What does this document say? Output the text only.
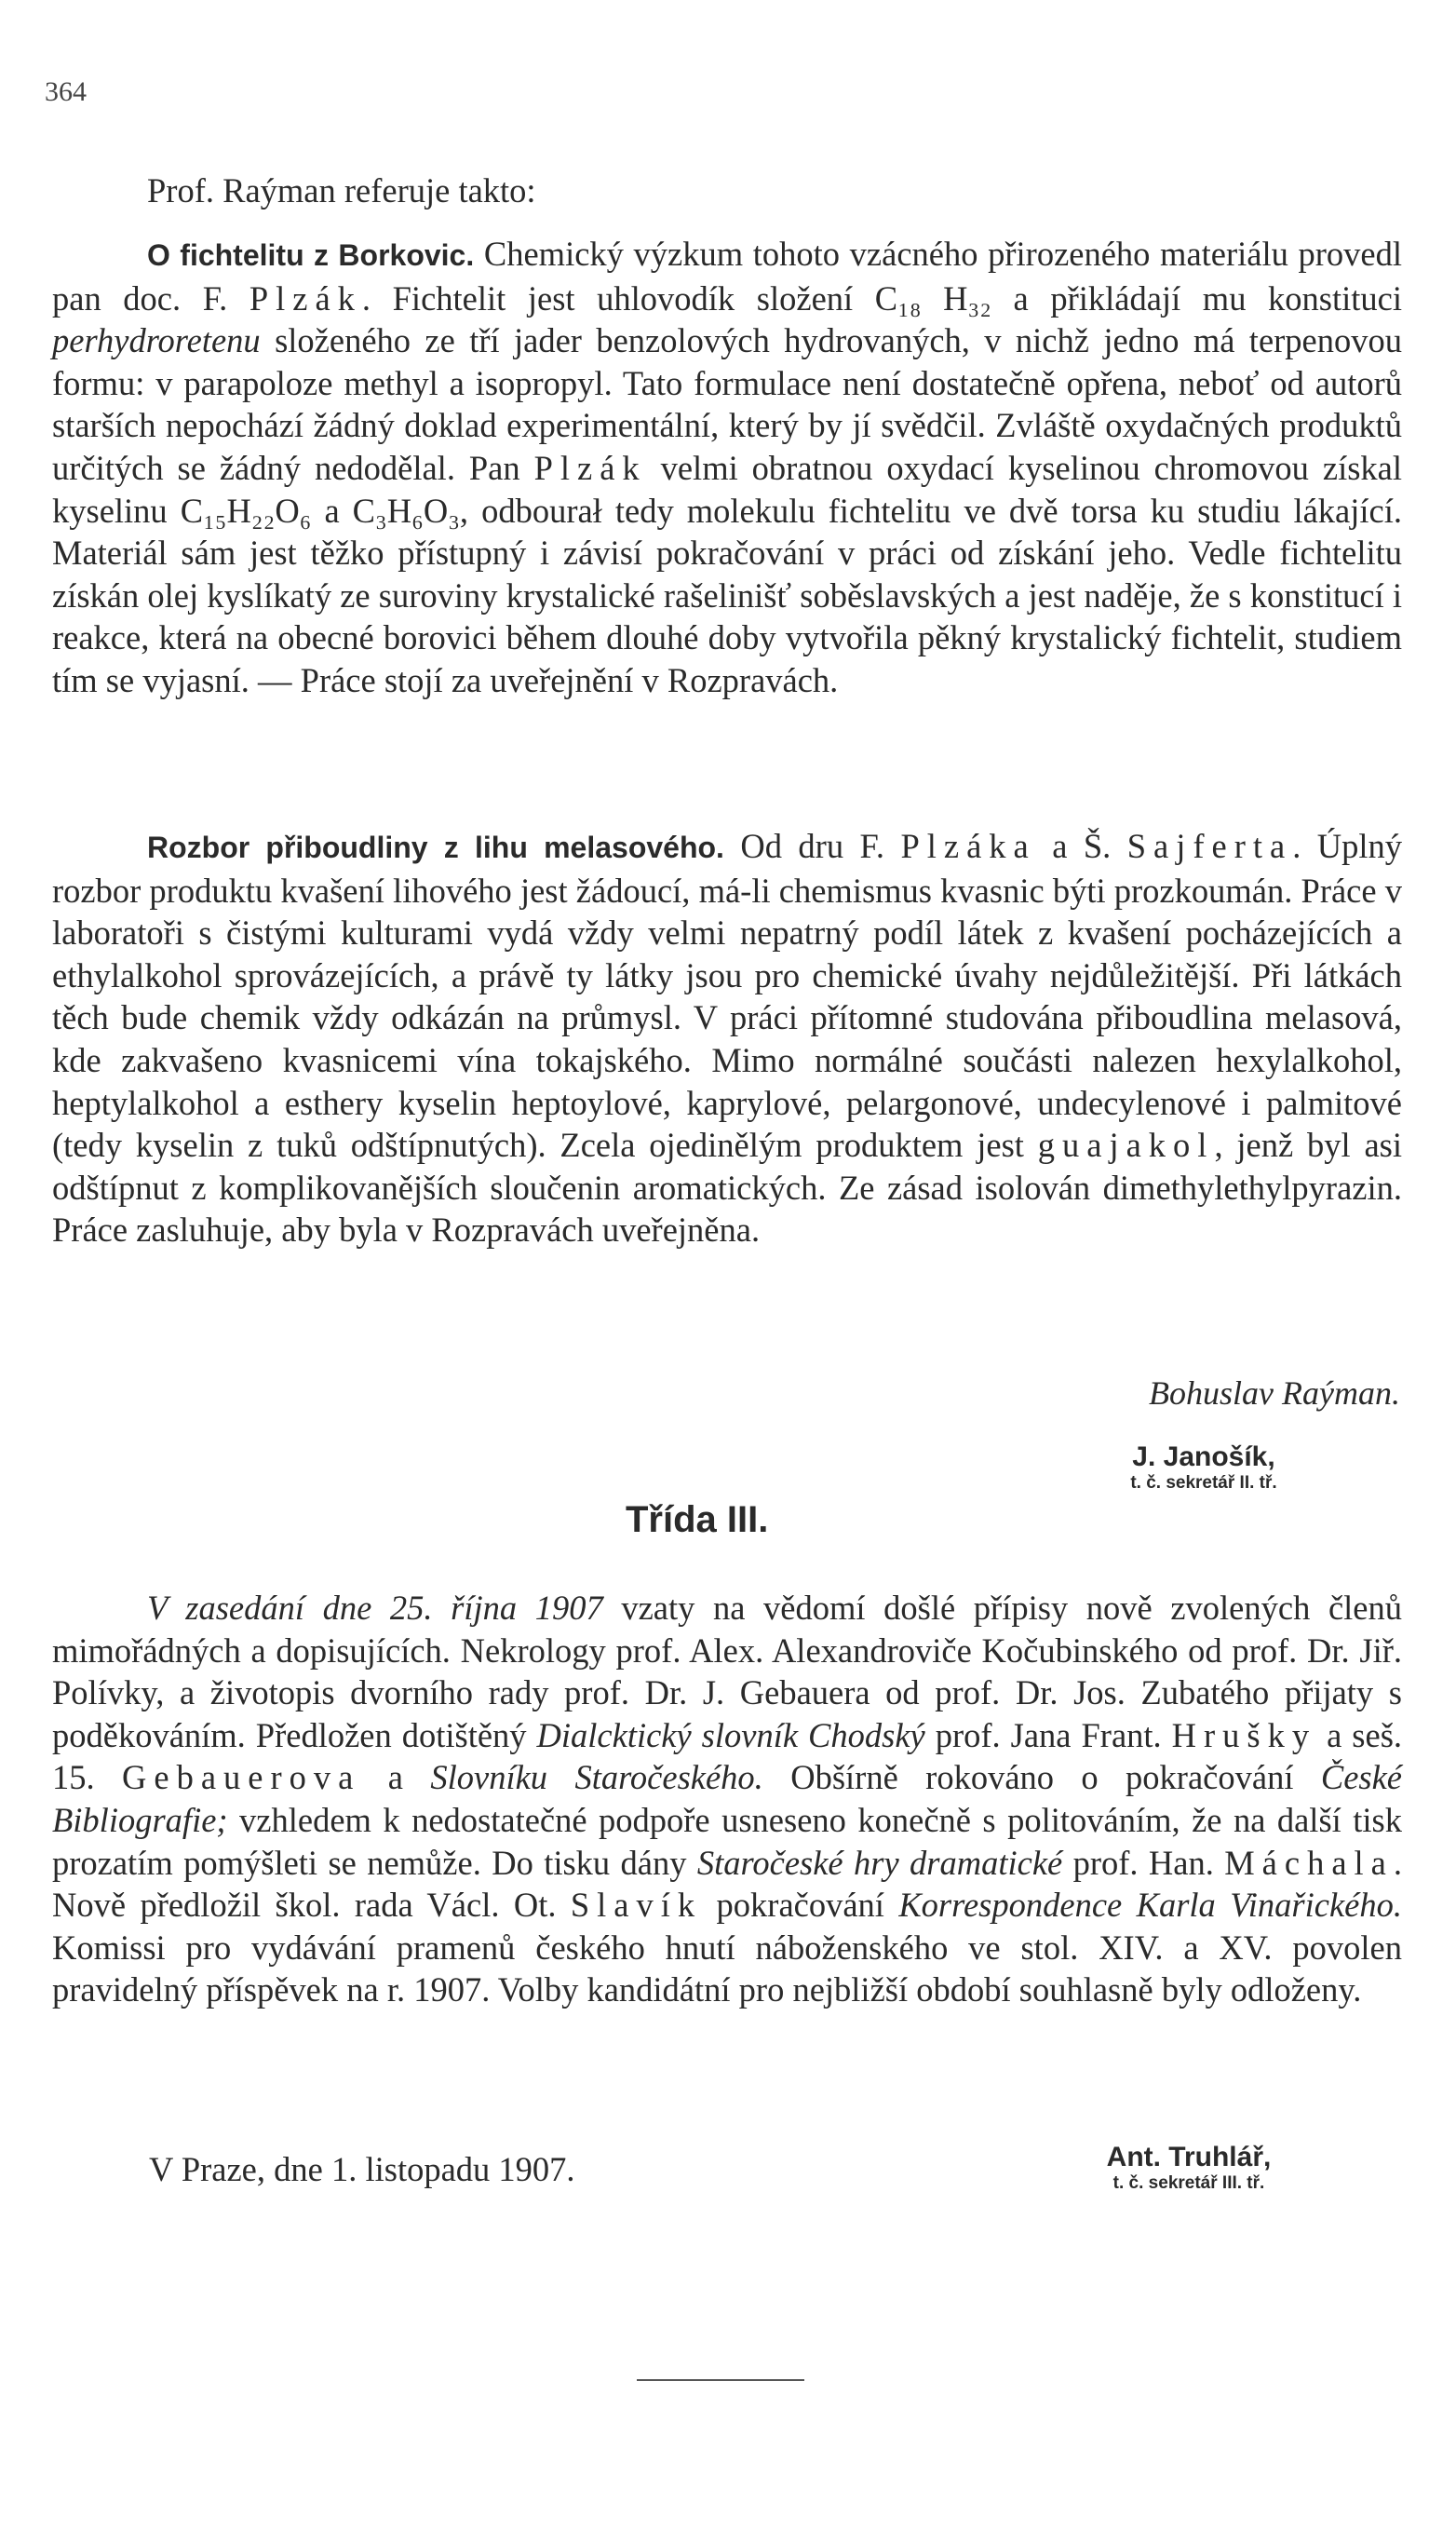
364
Prof. Raýman referuje takto:
O fichtelitu z Borkovic. Chemický výzkum tohoto vzácného přirozeného materiálu provedl pan doc. F. Plzák. Fichtelit jest uhlovodík složení C₁₈ H₃₂ a přikládají mu konstituci perhydroretenu složeného ze tří jader benzolových hydrovaných, v nichž jedno má terpenovou formu: v parapoloze methyl a isopropyl. Tato formulace není dostatečně opřena, neboť od autorů starších nepochází žádný doklad experimentální, který by jí svědčil. Zvláště oxydačných produktů určitých se žádný nedodělal. Pan Plzák velmi obratnou oxydací kyselinou chromovou získal kyselinu C₁₅H₂₂O₆ a C₃H₆O₃, odbourał tedy molekulu fichtelitu ve dvě torsa ku studiu lákající. Materiál sám jest těžko přístupný i závisí pokračování v práci od získání jeho. Vedle fichtelitu získán olej kyslíkatý ze suroviny krystalické rašelinišť soběslavských a jest naděje, že s konstitucí i reakce, která na obecné borovici během dlouhé doby vytvořila pěkný krystalický fichtelit, studiem tím se vyjasní. — Práce stojí za uveřejnění v Rozpravách.
Rozbor přiboudliny z lihu melasového. Od dru F. Plzáka a Š. Sajferta. Úplný rozbor produktu kvašení lihového jest žádoucí, má-li chemismus kvasnic býti prozkoumán. Práce v laboratoři s čistými kulturami vydá vždy velmi nepatrný podíl látek z kvašení pocházejících a ethylalkohol sprovázejících, a právě ty látky jsou pro chemické úvahy nejdůležitější. Při látkách těch bude chemik vždy odkázán na průmysl. V práci přítomné studována přiboudlina melasová, kde zakvašeno kvasnicemi vína tokajského. Mimo normálné součásti nalezen hexylalkohol, heptylalkohol a esthery kyselin heptoylové, kaprylové, pelargonové, undecylenové i palmitové (tedy kyselin z tuků odštípnutých). Zcela ojedinělým produktem jest guajakol, jenž byl asi odštípnut z komplikovanějších sloučenin aromatických. Ze zásad isolován dimethylethylpyrazin. Práce zasluhuje, aby byla v Rozpravách uveřejněna.
Bohuslav Raýman.
J. Janošík,
t. č. sekretář II. tř.
Třída III.
V zasedání dne 25. října 1907 vzaty na vědomí došlé přípisy nově zvolených členů mimořádných a dopisujících. Nekrology prof. Alex. Alexandroviče Kočubinského od prof. Dr. Jiř. Polívky, a životopis dvorního rady prof. Dr. J. Gebauera od prof. Dr. Jos. Zubatého přijaty s poděkováním. Předložen dotištěný Dialcktický slovník Chodský prof. Jana Frant. Hrušky a seš. 15. Gebauerova a Slovníku Staročeského. Obšírně rokováno o pokračování České Bibliografie; vzhledem k nedostatečné podpoře usneseno konečně s politováním, že na další tisk prozatím pomýšleti se nemůže. Do tisku dány Staročeské hry dramatické prof. Han. Máchala. Nově předložil škol. rada Václ. Ot. Slavík pokračování Korrespondence Karla Vinařického. Komissi pro vydávání pramenů českého hnutí náboženského ve stol. XIV. a XV. povolen pravidelný příspěvek na r. 1907. Volby kandidátní pro nejbližší období souhlasně byly odloženy.
V Praze, dne 1. listopadu 1907.	Ant. Truhlář,
t. č. sekretář III. tř.
